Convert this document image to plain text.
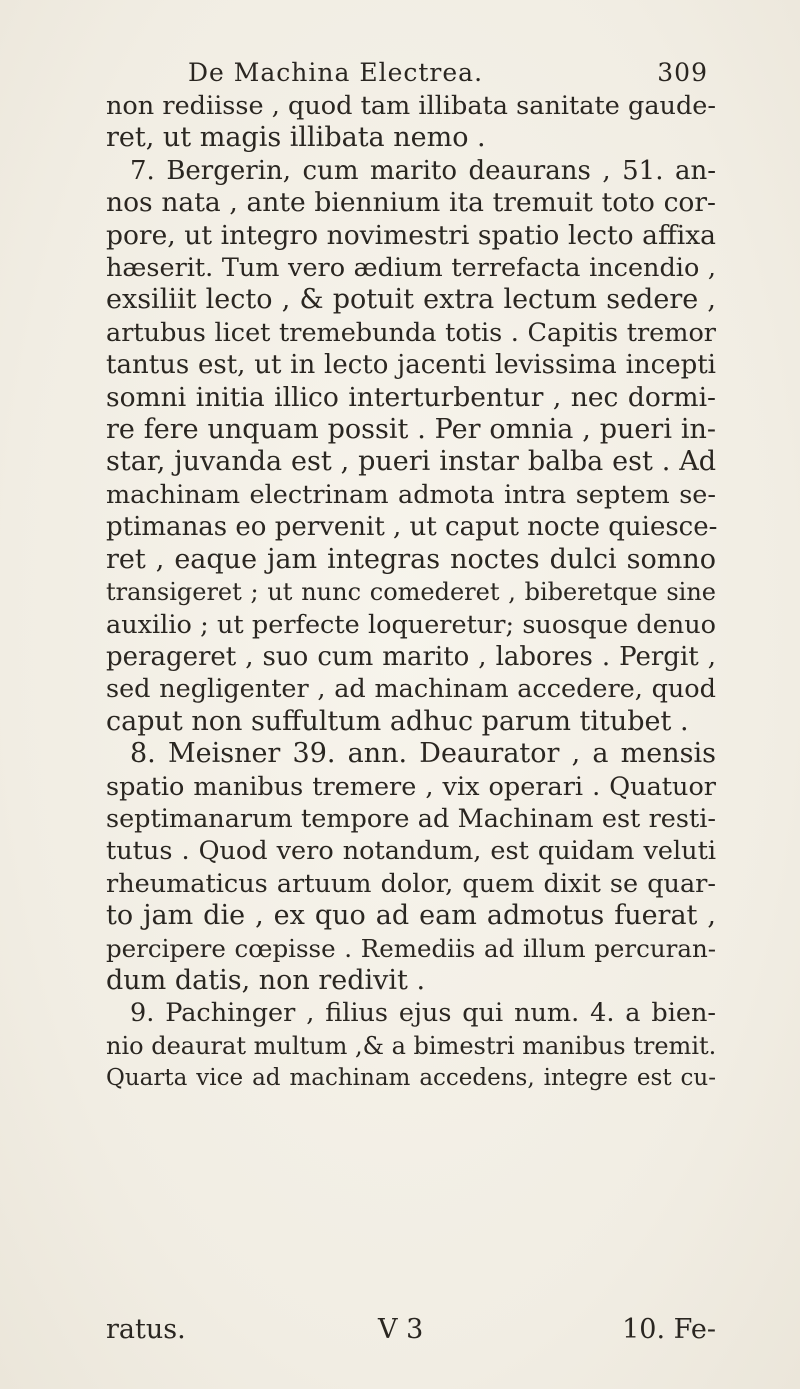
De Machina Electrea.	309
non rediisse , quod tam illibata sanitate gaude-
ret, ut magis illibata nemo .
7. Bergerin, cum marito deaurans , 51. an-
nos nata , ante biennium ita tremuit toto cor-
pore, ut integro novimestri spatio lecto affixa
hæserit. Tum vero ædium terrefacta incendio ,
exsiliit lecto , & potuit extra lectum sedere ,
artubus licet tremebunda totis . Capitis tremor
tantus est, ut in lecto jacenti levissima incepti
somni initia illico interturbentur , nec dormi-
re fere unquam possit . Per omnia , pueri in-
star, juvanda est , pueri instar balba est . Ad
machinam electrinam admota intra septem se-
ptimanas eo pervenit , ut caput nocte quiesce-
ret , eaque jam integras noctes dulci somno
transigeret ; ut nunc comederet , biberetque sine
auxilio ; ut perfecte loqueretur; suosque denuo
perageret , suo cum marito , labores . Pergit ,
sed negligenter , ad machinam accedere, quod
caput non suffultum adhuc parum titubet .
8. Meisner 39. ann. Deaurator , a mensis
spatio manibus tremere , vix operari . Quatuor
septimanarum tempore ad Machinam est resti-
tutus . Quod vero notandum, est quidam veluti
rheumaticus artuum dolor, quem dixit se quar-
to jam die , ex quo ad eam admotus fuerat ,
percipere cœpisse . Remediis ad illum percuran-
dum datis, non redivit .
9. Pachinger , filius ejus qui num. 4. a bien-
nio deaurat multum ,& a bimestri manibus tremit.
Quarta vice ad machinam accedens, integre est cu-
ratus.	V 3	10. Fe-
